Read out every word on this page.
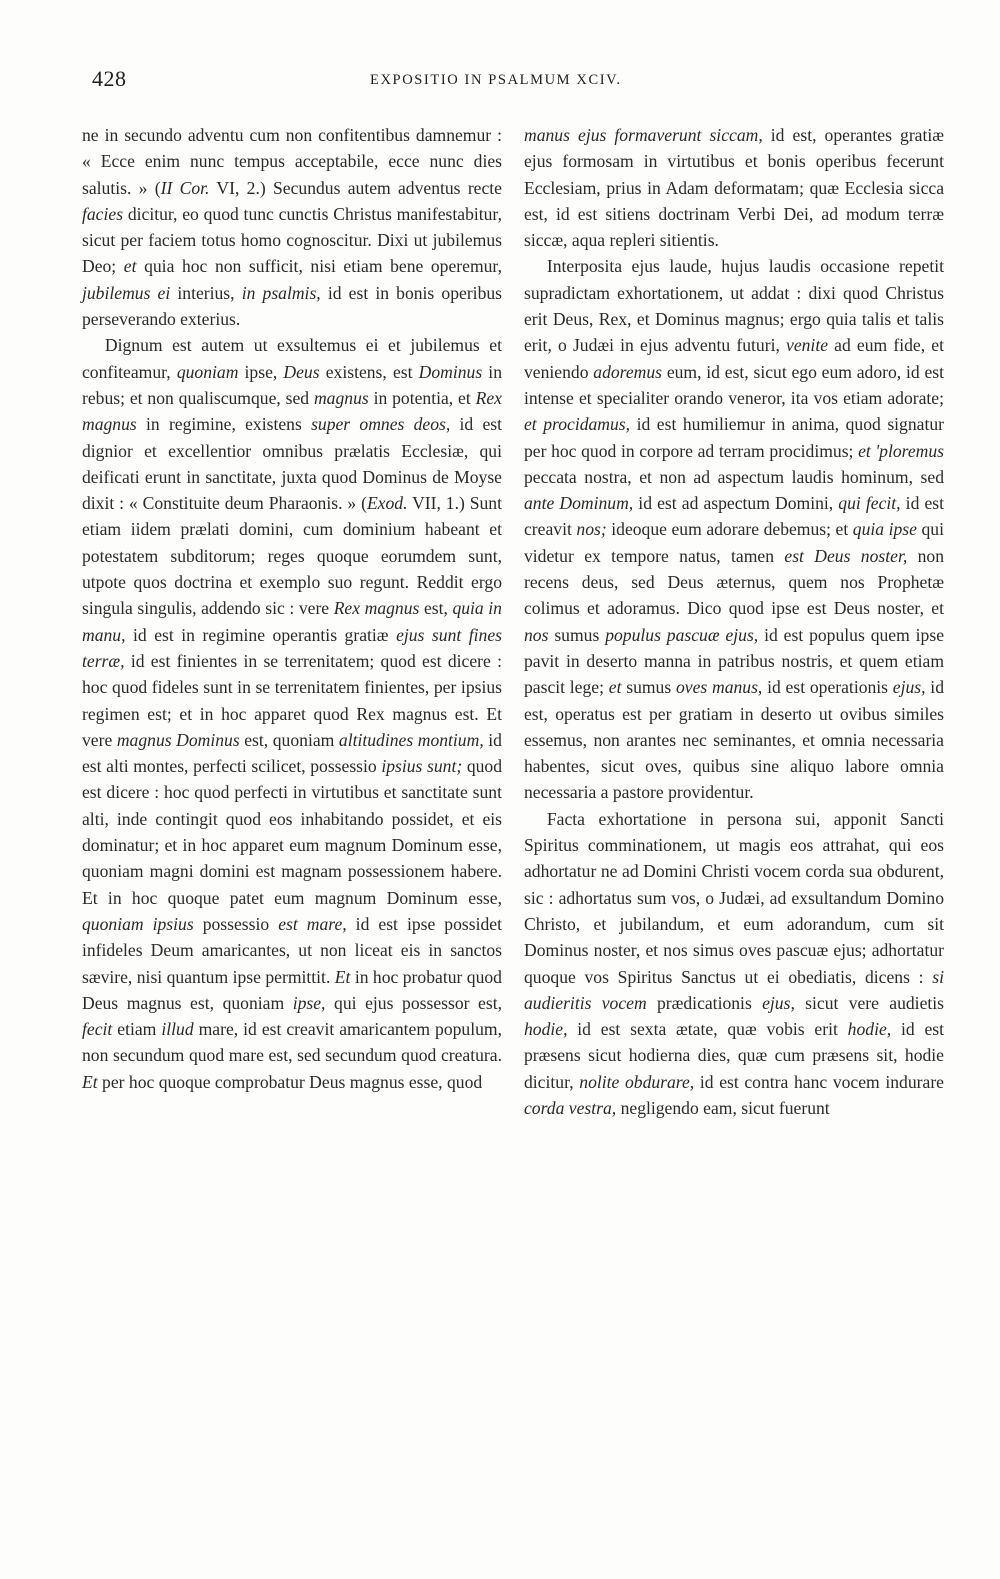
428	EXPOSITIO IN PSALMUM XCIV.

ne in secundo adventu cum non confitentibus damnemur : « Ecce enim nunc tempus acceptabile, ecce nunc dies salutis. » (II Cor. VI, 2.) Secundus autem adventus recte facies dicitur, eo quod tunc cunctis Christus manifestabitur, sicut per faciem totus homo cognoscitur. Dixi ut jubilemus Deo; et quia hoc non sufficit, nisi etiam bene operemur, jubilemus ei interius, in psalmis, id est in bonis operibus perseverando exterius.

Dignum est autem ut exsultemus ei et jubilemus et confiteamur, quoniam ipse, Deus existens, est Dominus in rebus; et non qualiscumque, sed magnus in potentia, et Rex magnus in regimine, existens super omnes deos, id est dignior et excellentior omnibus prælatis Ecclesiæ, qui deificati erunt in sanctitate, juxta quod Dominus de Moyse dixit : « Constituite deum Pharaonis. » (Exod. VII, 1.) Sunt etiam iidem prælati domini, cum dominium habeant et potestatem subditorum; reges quoque eorumdem sunt, utpote quos doctrina et exemplo suo regunt. Reddit ergo singula singulis, addendo sic : vere Rex magnus est, quia in manu, id est in regimine operantis gratiæ ejus sunt fines terræ, id est finientes in se terrenitatem; quod est dicere : hoc quod fideles sunt in se terrenitatem finientes, per ipsius regimen est; et in hoc apparet quod Rex magnus est. Et vere magnus Dominus est, quoniam altitudines montium, id est alti montes, perfecti scilicet, possessio ipsius sunt; quod est dicere : hoc quod perfecti in virtutibus et sanctitate sunt alti, inde contingit quod eos inhabitando possidet, et eis dominatur; et in hoc apparet eum magnum Dominum esse, quoniam magni domini est magnam possessionem habere. Et in hoc quoque patet eum magnum Dominum esse, quoniam ipsius possessio est mare, id est ipse possidet infideles Deum amaricantes, ut non liceat eis in sanctos sævire, nisi quantum ipse permittit. Et in hoc probatur quod Deus magnus est, quoniam ipse, qui ejus possessor est, fecit etiam illud mare, id est creavit amaricantem populum, non secundum quod mare est, sed secundum quod creatura. Et per hoc quoque comprobatur Deus magnus esse, quod

manus ejus formaverunt siccam, id est, operantes gratiæ ejus formosam in virtutibus et bonis operibus fecerunt Ecclesiam, prius in Adam deformatam; quæ Ecclesia sicca est, id est sitiens doctrinam Verbi Dei, ad modum terræ siccæ, aqua repleri sitientis.

Interposita ejus laude, hujus laudis occasione repetit supradictam exhortationem, ut addat : dixi quod Christus erit Deus, Rex, et Dominus magnus; ergo quia talis et talis erit, o Judæi in ejus adventu futuri, venite ad eum fide, et veniendo adoremus eum, id est, sicut ego eum adoro, id est intense et specialiter orando veneror, ita vos etiam adorate; et procidamus, id est humiliemur in anima, quod signatur per hoc quod in corpore ad terram procidimus; et 'ploremus peccata nostra, et non ad aspectum laudis hominum, sed ante Dominum, id est ad aspectum Domini, qui fecit, id est creavit nos; ideoque eum adorare debemus; et quia ipse qui videtur ex tempore natus, tamen est Deus noster, non recens deus, sed Deus æternus, quem nos Prophetæ colimus et adoramus. Dico quod ipse est Deus noster, et nos sumus populus pascuæ ejus, id est populus quem ipse pavit in deserto manna in patribus nostris, et quem etiam pascit lege; et sumus oves manus, id est operationis ejus, id est, operatus est per gratiam in deserto ut ovibus similes essemus, non arantes nec seminantes, et omnia necessaria habentes, sicut oves, quibus sine aliquo labore omnia necessaria a pastore providentur.

Facta exhortatione in persona sui, apponit Sancti Spiritus comminationem, ut magis eos attrahat, qui eos adhortatur ne ad Domini Christi vocem corda sua obdurent, sic : adhortatus sum vos, o Judæi, ad exsultandum Domino Christo, et jubilandum, et eum adorandum, cum sit Dominus noster, et nos simus oves pascuæ ejus; adhortatur quoque vos Spiritus Sanctus ut ei obediatis, dicens : si audieritis vocem prædicationis ejus, sicut vere audietis hodie, id est sexta ætate, quæ vobis erit hodie, id est præsens sicut hodierna dies, quæ cum præsens sit, hodie dicitur, nolite obdurare, id est contra hanc vocem indurare corda vestra, negligendo eam, sicut fuerunt
